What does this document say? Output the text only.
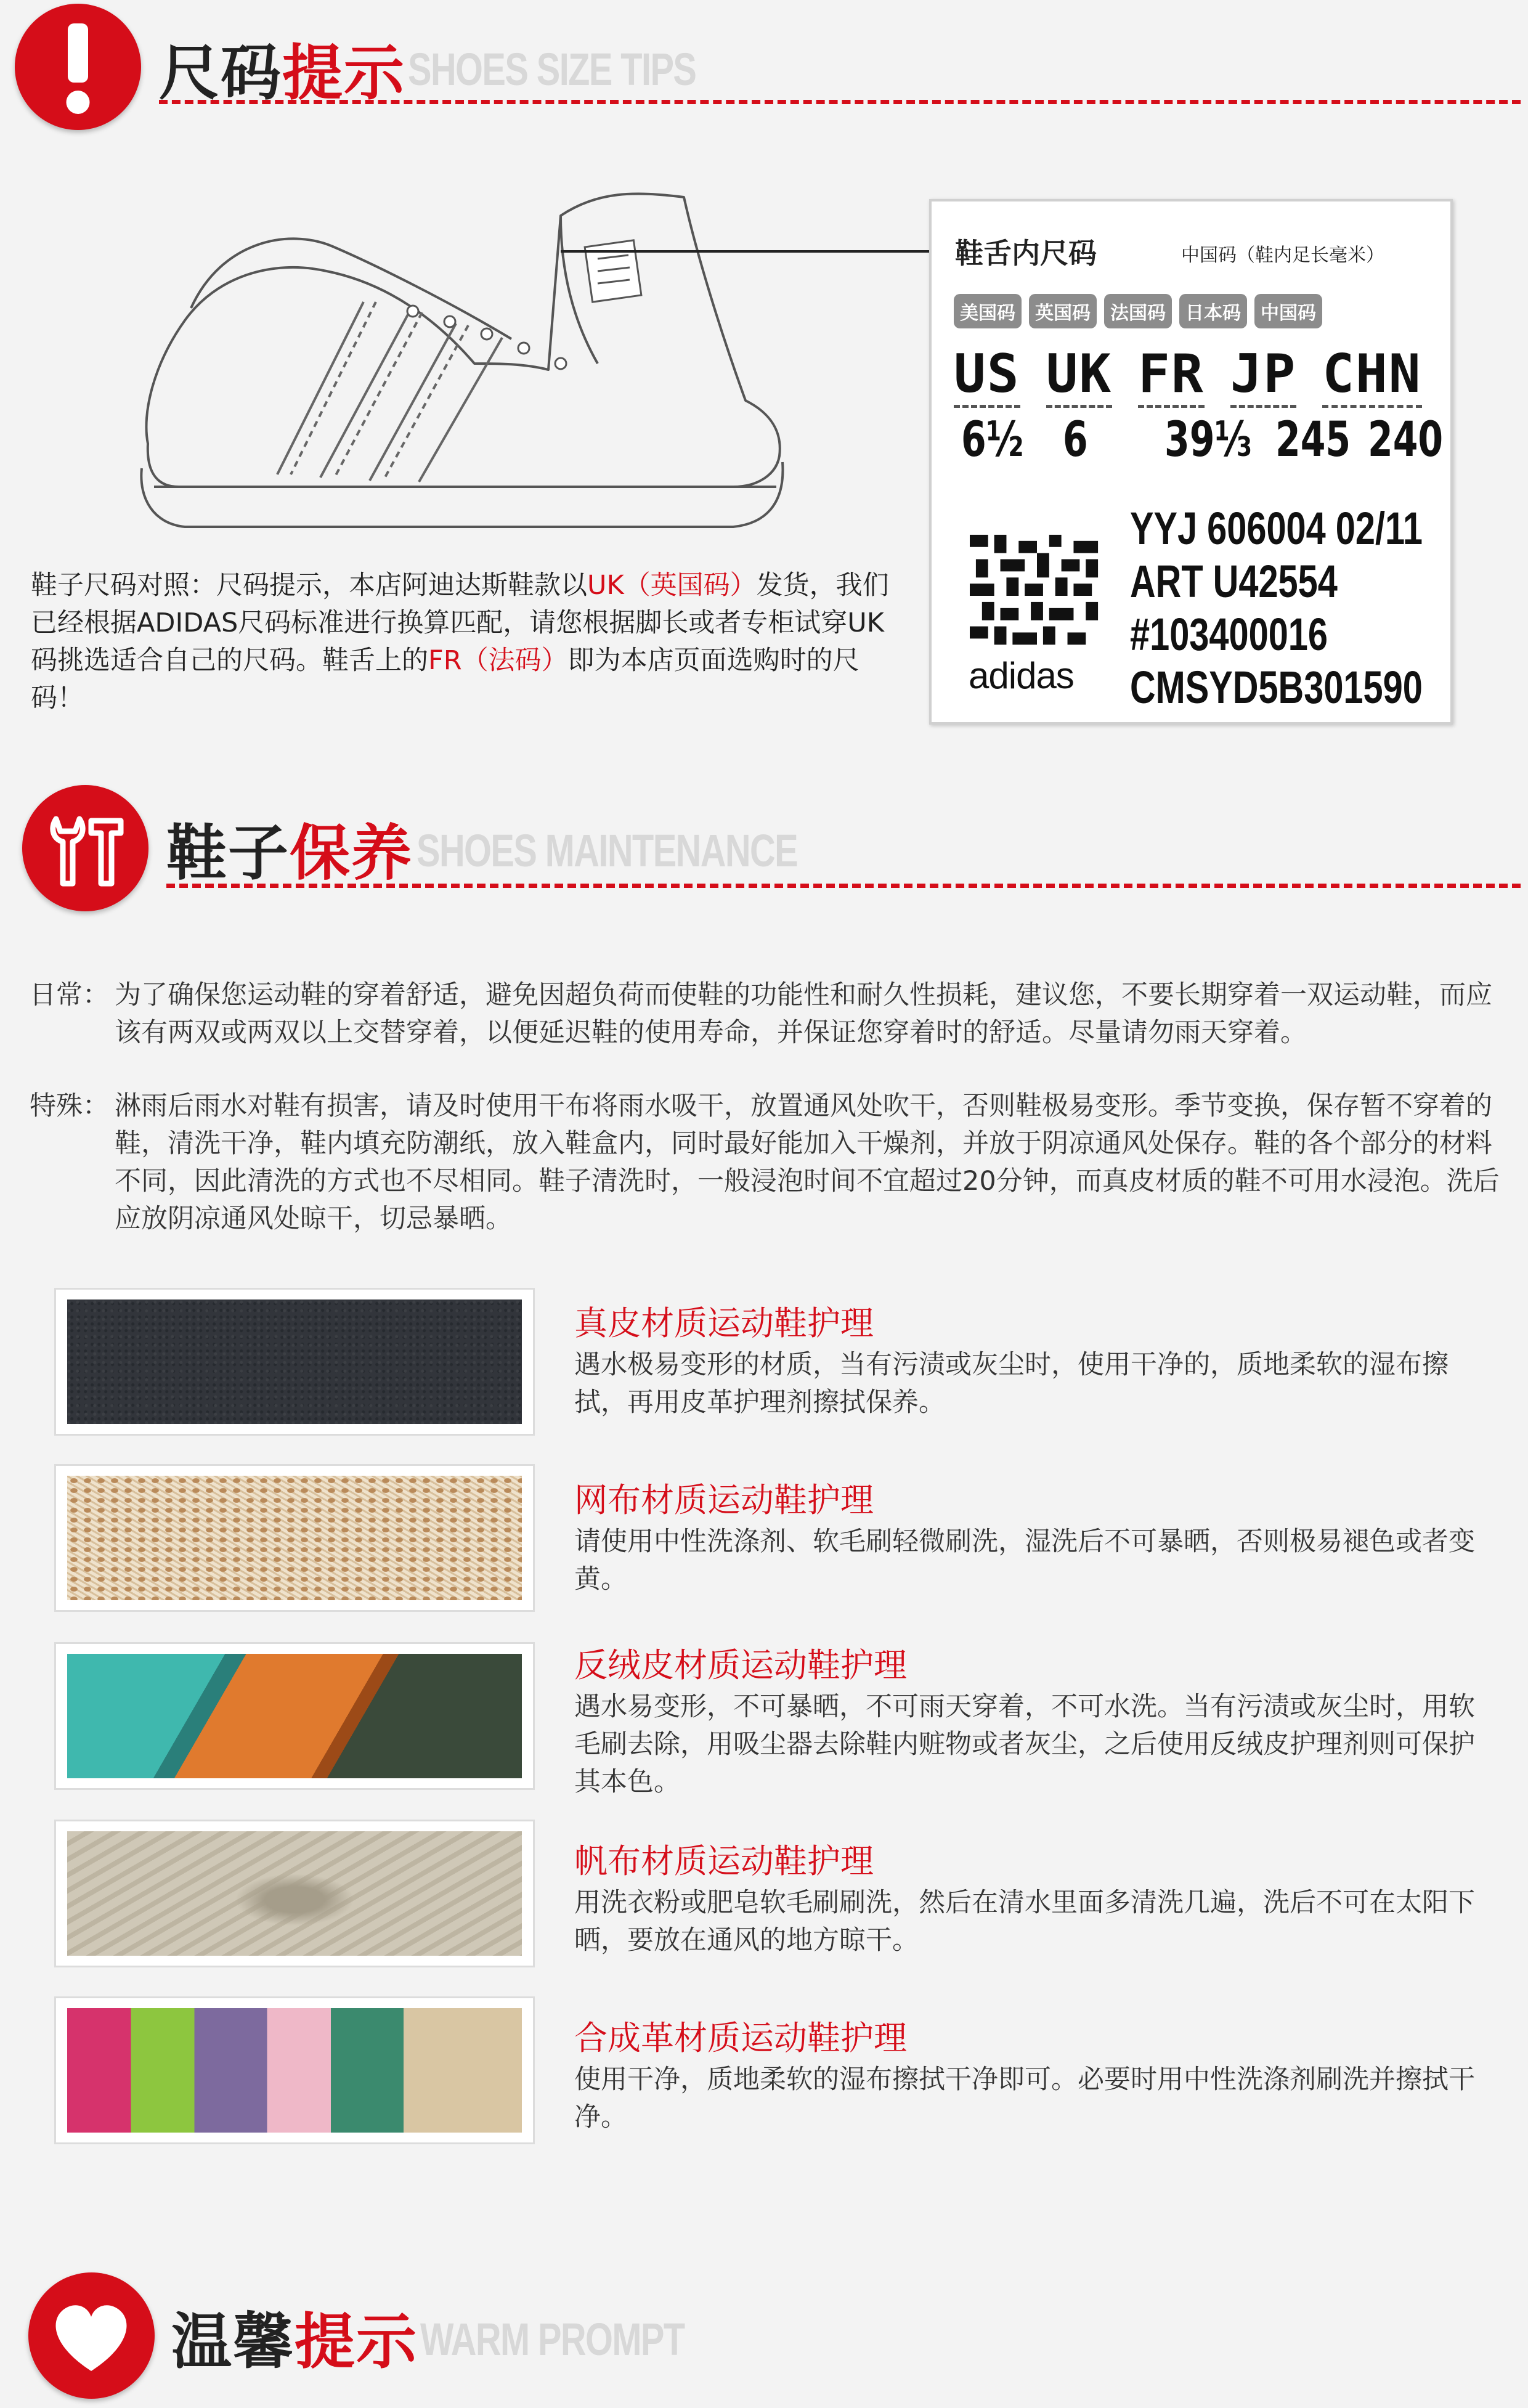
尺码提示 SHOES SIZE TIPS
鞋舌内尺码	中国码（鞋内足长毫米）
美国码	英国码	法国码	日本码	中国码
US UK FR JP CHN
6½ 6 39⅓ 245 240
adidas
YYJ 606004 02/11
ART U42554
#103400016
CMSYD5B301590
鞋子尺码对照：尺码提示，本店阿迪达斯鞋款以UK（英国码）发货，我们已经根据ADIDAS尺码标准进行换算匹配，请您根据脚长或者专柜试穿UK码挑选适合自己的尺码。鞋舌上的FR（法码）即为本店页面选购时的尺码！
鞋子保养 SHOES MAINTENANCE
日常： 为了确保您运动鞋的穿着舒适，避免因超负荷而使鞋的功能性和耐久性损耗，建议您，不要长期穿着一双运动鞋，而应该有两双或两双以上交替穿着，以便延迟鞋的使用寿命，并保证您穿着时的舒适。尽量请勿雨天穿着。
特殊： 淋雨后雨水对鞋有损害，请及时使用干布将雨水吸干，放置通风处吹干，否则鞋极易变形。季节变换，保存暂不穿着的鞋，清洗干净，鞋内填充防潮纸，放入鞋盒内，同时最好能加入干燥剂，并放于阴凉通风处保存。鞋的各个部分的材料不同，因此清洗的方式也不尽相同。鞋子清洗时，一般浸泡时间不宜超过20分钟，而真皮材质的鞋不可用水浸泡。洗后应放阴凉通风处晾干，切忌暴晒。
真皮材质运动鞋护理
遇水极易变形的材质，当有污渍或灰尘时，使用干净的，质地柔软的湿布擦拭，再用皮革护理剂擦拭保养。
网布材质运动鞋护理
请使用中性洗涤剂、软毛刷轻微刷洗，湿洗后不可暴晒，否则极易褪色或者变黄。
反绒皮材质运动鞋护理
遇水易变形，不可暴晒，不可雨天穿着，不可水洗。当有污渍或灰尘时，用软毛刷去除，用吸尘器去除鞋内赃物或者灰尘，之后使用反绒皮护理剂则可保护其本色。
帆布材质运动鞋护理
用洗衣粉或肥皂软毛刷刷洗，然后在清水里面多清洗几遍，洗后不可在太阳下晒，要放在通风的地方晾干。
合成革材质运动鞋护理
使用干净，质地柔软的湿布擦拭干净即可。必要时用中性洗涤剂刷洗并擦拭干净。
温馨提示 WARM PROMPT
